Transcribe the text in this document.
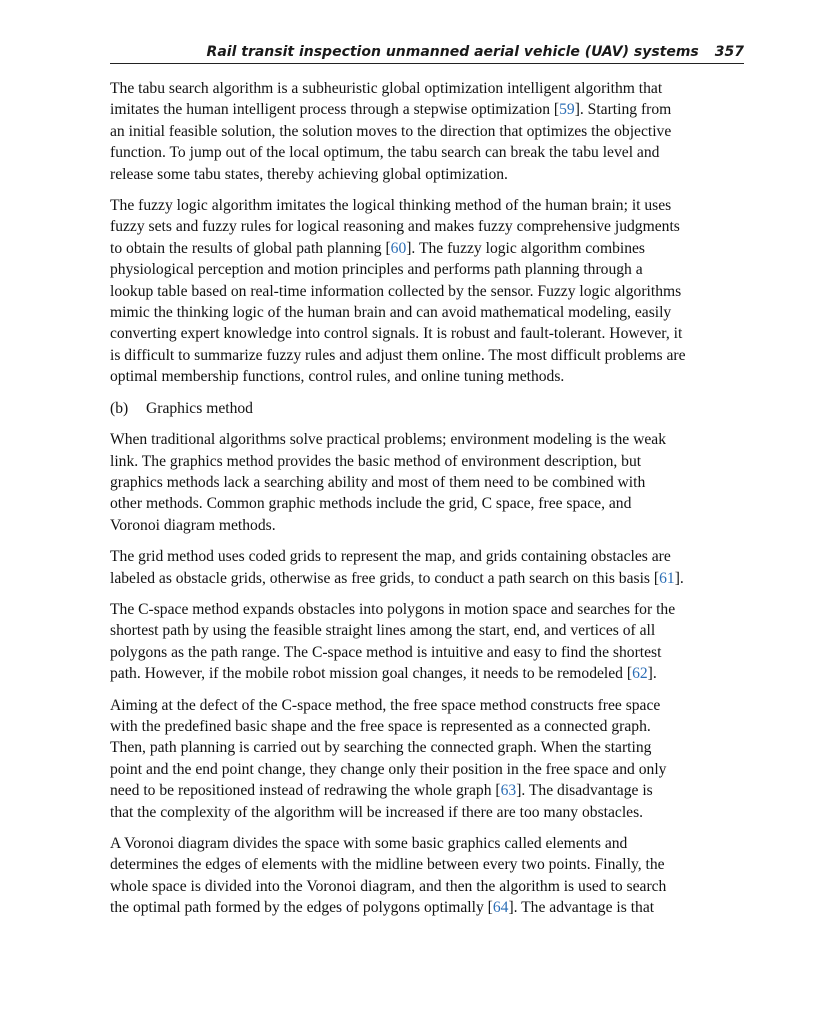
Rail transit inspection unmanned aerial vehicle (UAV) systems 357

The tabu search algorithm is a subheuristic global optimization intelligent algorithm that
imitates the human intelligent process through a stepwise optimization [59]. Starting from
an initial feasible solution, the solution moves to the direction that optimizes the objective
function. To jump out of the local optimum, the tabu search can break the tabu level and
release some tabu states, thereby achieving global optimization.

The fuzzy logic algorithm imitates the logical thinking method of the human brain; it uses
fuzzy sets and fuzzy rules for logical reasoning and makes fuzzy comprehensive judgments
to obtain the results of global path planning [60]. The fuzzy logic algorithm combines
physiological perception and motion principles and performs path planning through a
lookup table based on real-time information collected by the sensor. Fuzzy logic algorithms
mimic the thinking logic of the human brain and can avoid mathematical modeling, easily
converting expert knowledge into control signals. It is robust and fault-tolerant. However, it
is difficult to summarize fuzzy rules and adjust them online. The most difficult problems are
optimal membership functions, control rules, and online tuning methods.

(b) Graphics method

When traditional algorithms solve practical problems; environment modeling is the weak
link. The graphics method provides the basic method of environment description, but
graphics methods lack a searching ability and most of them need to be combined with
other methods. Common graphic methods include the grid, C space, free space, and
Voronoi diagram methods.

The grid method uses coded grids to represent the map, and grids containing obstacles are
labeled as obstacle grids, otherwise as free grids, to conduct a path search on this basis [61].

The C-space method expands obstacles into polygons in motion space and searches for the
shortest path by using the feasible straight lines among the start, end, and vertices of all
polygons as the path range. The C-space method is intuitive and easy to find the shortest
path. However, if the mobile robot mission goal changes, it needs to be remodeled [62].

Aiming at the defect of the C-space method, the free space method constructs free space
with the predefined basic shape and the free space is represented as a connected graph.
Then, path planning is carried out by searching the connected graph. When the starting
point and the end point change, they change only their position in the free space and only
need to be repositioned instead of redrawing the whole graph [63]. The disadvantage is
that the complexity of the algorithm will be increased if there are too many obstacles.

A Voronoi diagram divides the space with some basic graphics called elements and
determines the edges of elements with the midline between every two points. Finally, the
whole space is divided into the Voronoi diagram, and then the algorithm is used to search
the optimal path formed by the edges of polygons optimally [64]. The advantage is that
